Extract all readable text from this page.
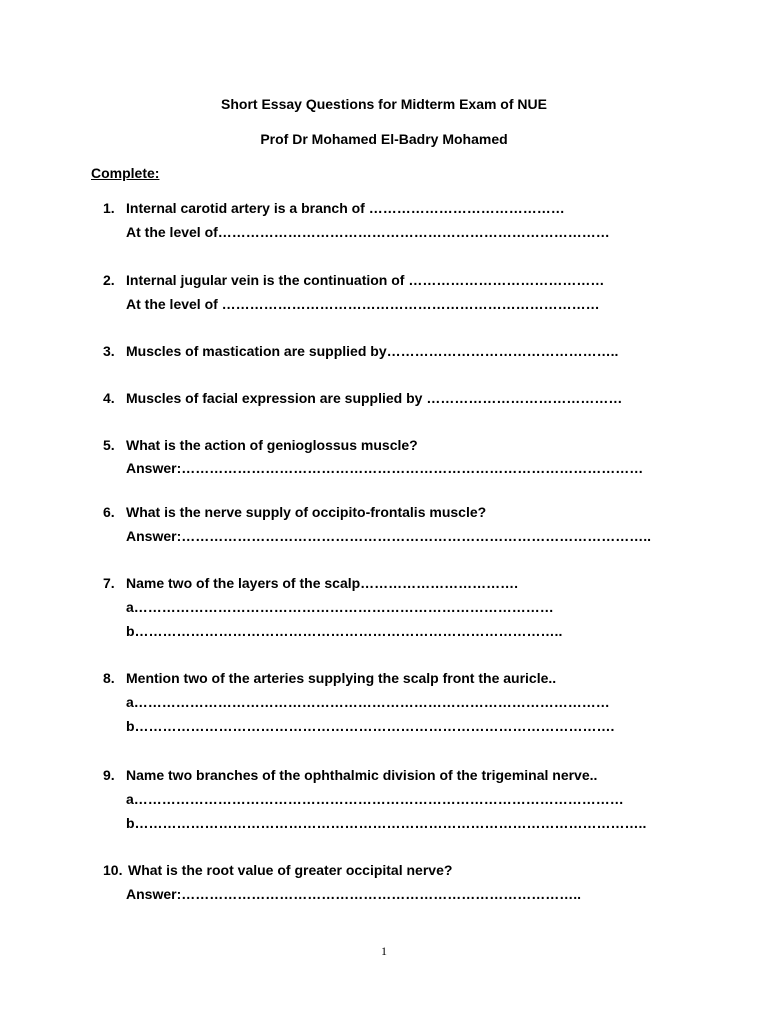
Short Essay Questions for Midterm Exam of NUE
Prof Dr Mohamed El-Badry Mohamed
Complete:
1. Internal carotid artery is a branch of ……………………………………
At the level of…………………………………………………………………………
2. Internal jugular vein is the continuation of ……………………………………
At the level of ………………………………………………………………………
3. Muscles of mastication are supplied by…………………………………………..
4. Muscles of facial expression are supplied by ……………………………………
5. What is the action of genioglossus muscle?
Answer:………………………………………………………………………………………
6. What is the nerve supply of occipito-frontalis muscle?
Answer:………………………………………………………………………………………..
7. Name two of the layers of the scalp…………………………….
a………………………………………………………………………………
b………………………………………………………………………………..
8. Mention two of the arteries supplying the scalp front the auricle..
a…………………………………………………………………………………………
b………………………………………………………………………………………….
9. Name two branches of the ophthalmic division of the trigeminal nerve..
a……………………………………………………………………………………………
b………………………………………………………………………………………………..
10. What is the root value of greater occipital nerve?
Answer:…………………………………………………………………………..
1
